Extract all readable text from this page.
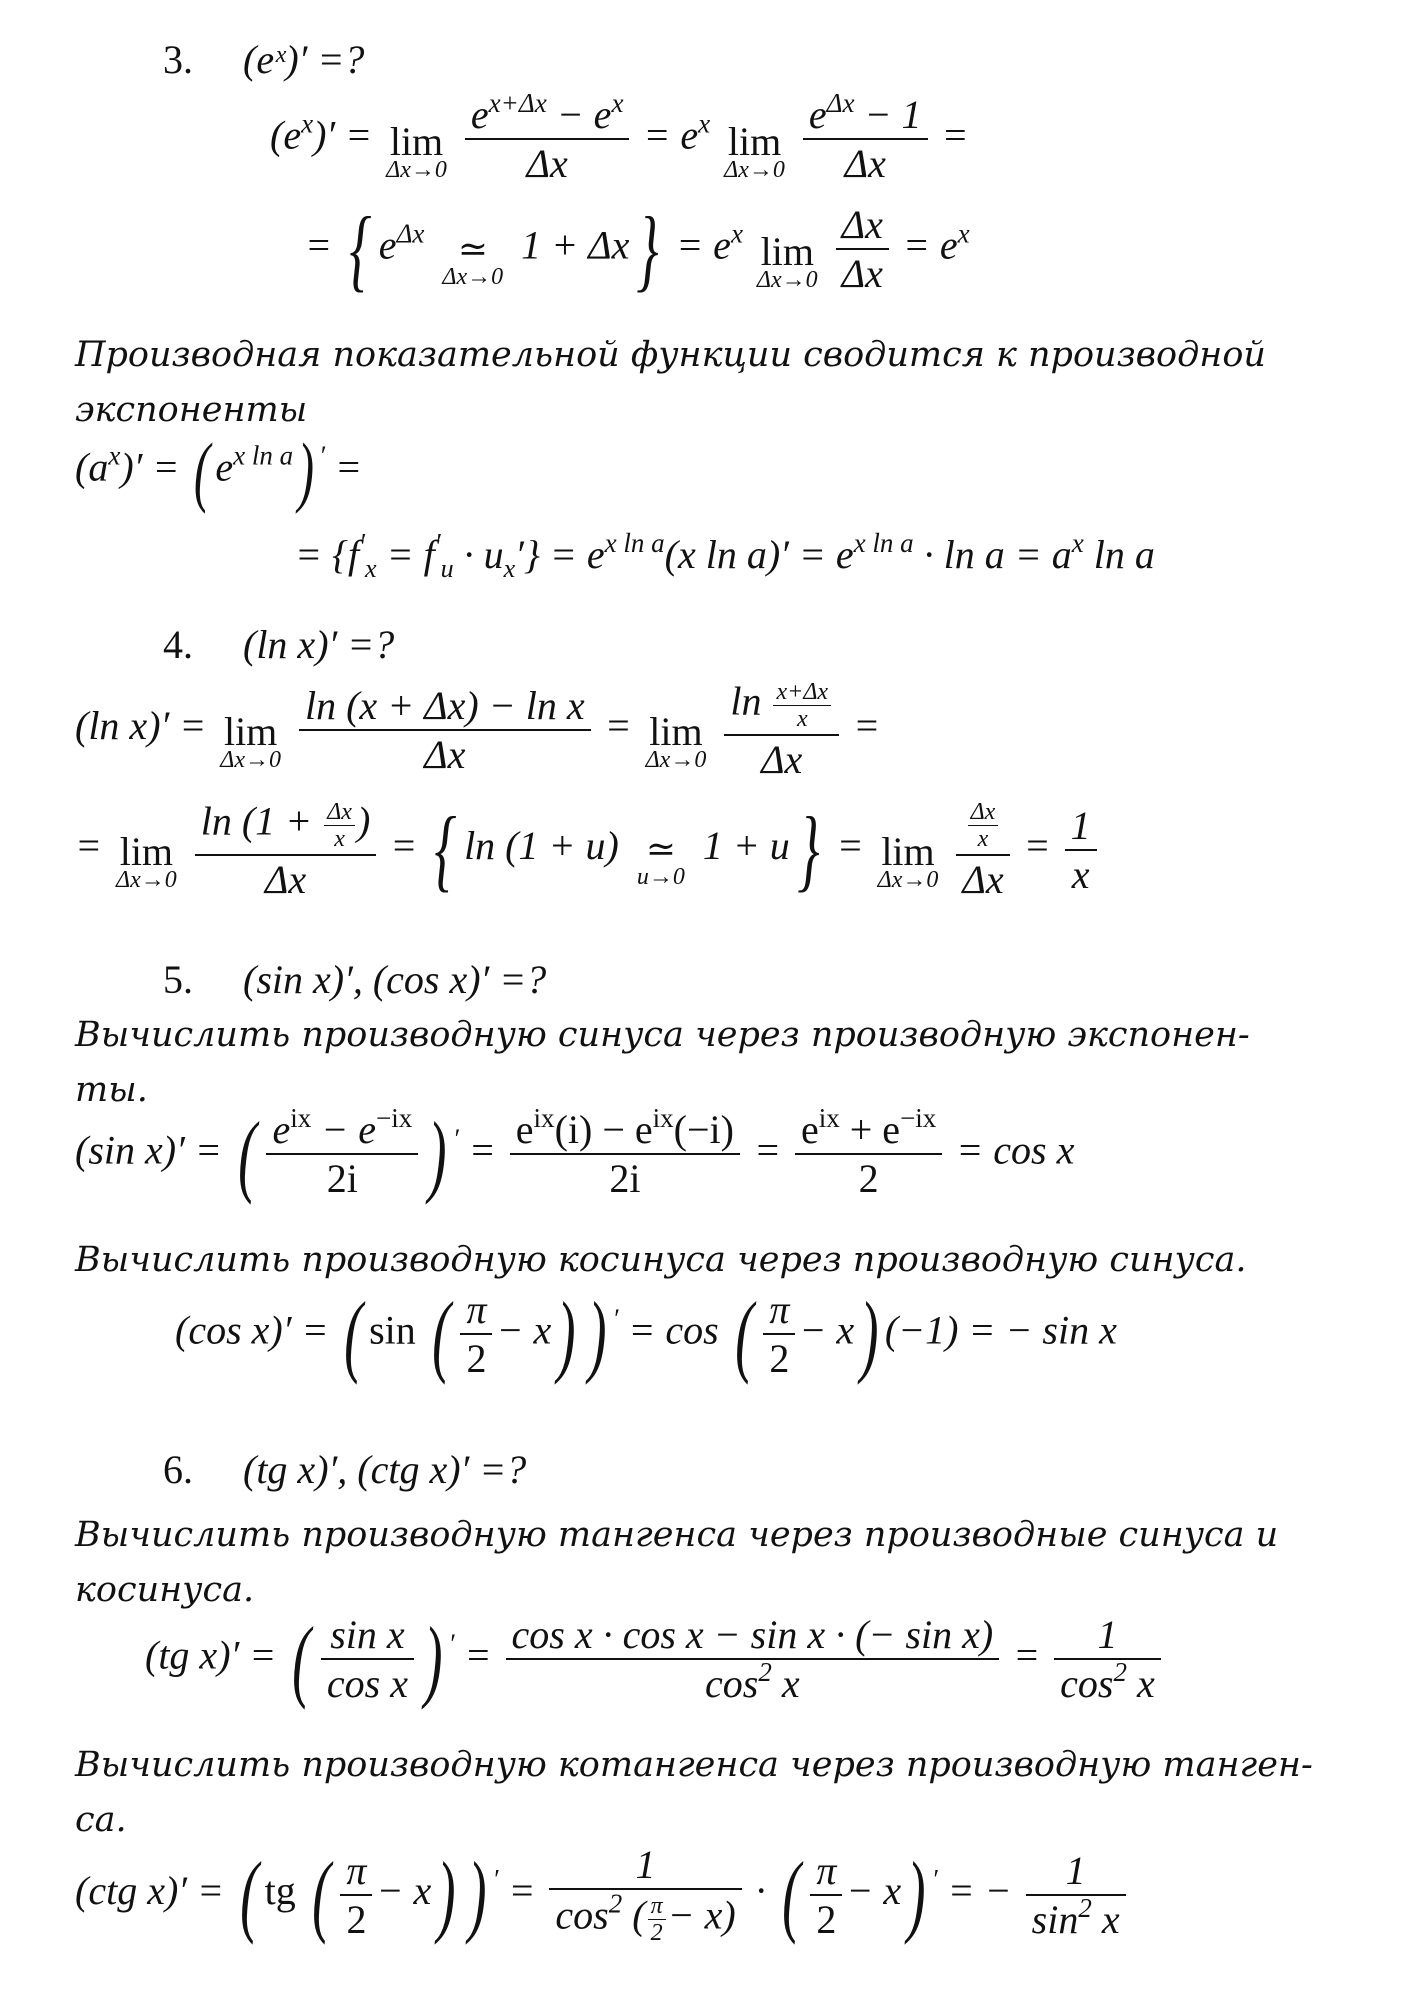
3. (eˣ)′ =?
$(e^x)' = \lim$
Δx→0
$\frac{e^{x+\Delta x} - e^x}{\Delta x} = e^x$ lim
Δx→0
$\frac{e^{\Delta x} - 1}{\Delta x}$ =
= { $e^{\Delta x}$ ≃
Δx→0
$1 + \Delta x\} = e^x$ lim
Δx→0
$\frac{\Delta x}{\Delta x} = e^x$
Производная показательной функции сводится к производной
экспоненты
$(a^x)'$ = ( $e^{x ln a}$) ′ =
= $\{f'_x = f'_u \cdot u_x'\} = e^{x ln a}(x$ $\ln a)' = e^{x ln a} \cdot \ln a = a^x$ ln a
4. (ln x)′ =?
(ln x)′ = lim
Δx→0
$\frac{\text{ln (x + Δx) − ln x}}{\Delta x} = \lim$
Δx→0
$\frac{\ln \frac{x+\Delta x}{x}}{\Delta x}$ =
= lim
Δx→0
$\frac{\ln (1 + \frac{\Delta x}{x} )}{\Delta x}$ = { ln (1 + u) ≃
u→0
1 + u} = lim
Δx→0
$\frac{\frac{\Delta x}{x}}{\Delta x} = \frac{1}{x}$
5. (sin x)′, (cos x)′ =?
Вычислить производную синуса через производную экспонен-
ты.
(sin x)′ = ( $\frac{e^{ix} - e^{-ix}}{2i}$ ) $' = \frac{e^{ix}(i) - e^{ix}(-i)}{2i} = \frac{e^{ix} + e^{-ix}}{2} = \cos x$
Вычислить производную косинуса через производную синуса.
(cos x)′ = ( sin ( $\frac{\pi}{2} - x$) ) ′ = cos ( $\frac{\pi}{2} - x$) (−1) = − sin x
6. (tg x)′, (ctg x)′ =?
Вычислить производную тангенса через производные синуса и
косинуса.
(tg x)′ = ( $\frac{\text{sin x}}{\text{cos x}}$ ) $' = \frac{\text{cos x · cos x − sin x · (− sin x)}}{\cos^2 x} = \frac{1}{\cos^2 x}$
Вычислить производную котангенса через производную танген-
са.
(ctg x)′ = ( tg ( $\frac{\pi}{2} - x$) ) $' = \frac{1}{\cos^2 ( \frac{\pi}{2} - x)}$ · ( $\frac{\pi}{2} - x$) ′ = − $\frac{1}{\sin^2 x}$
